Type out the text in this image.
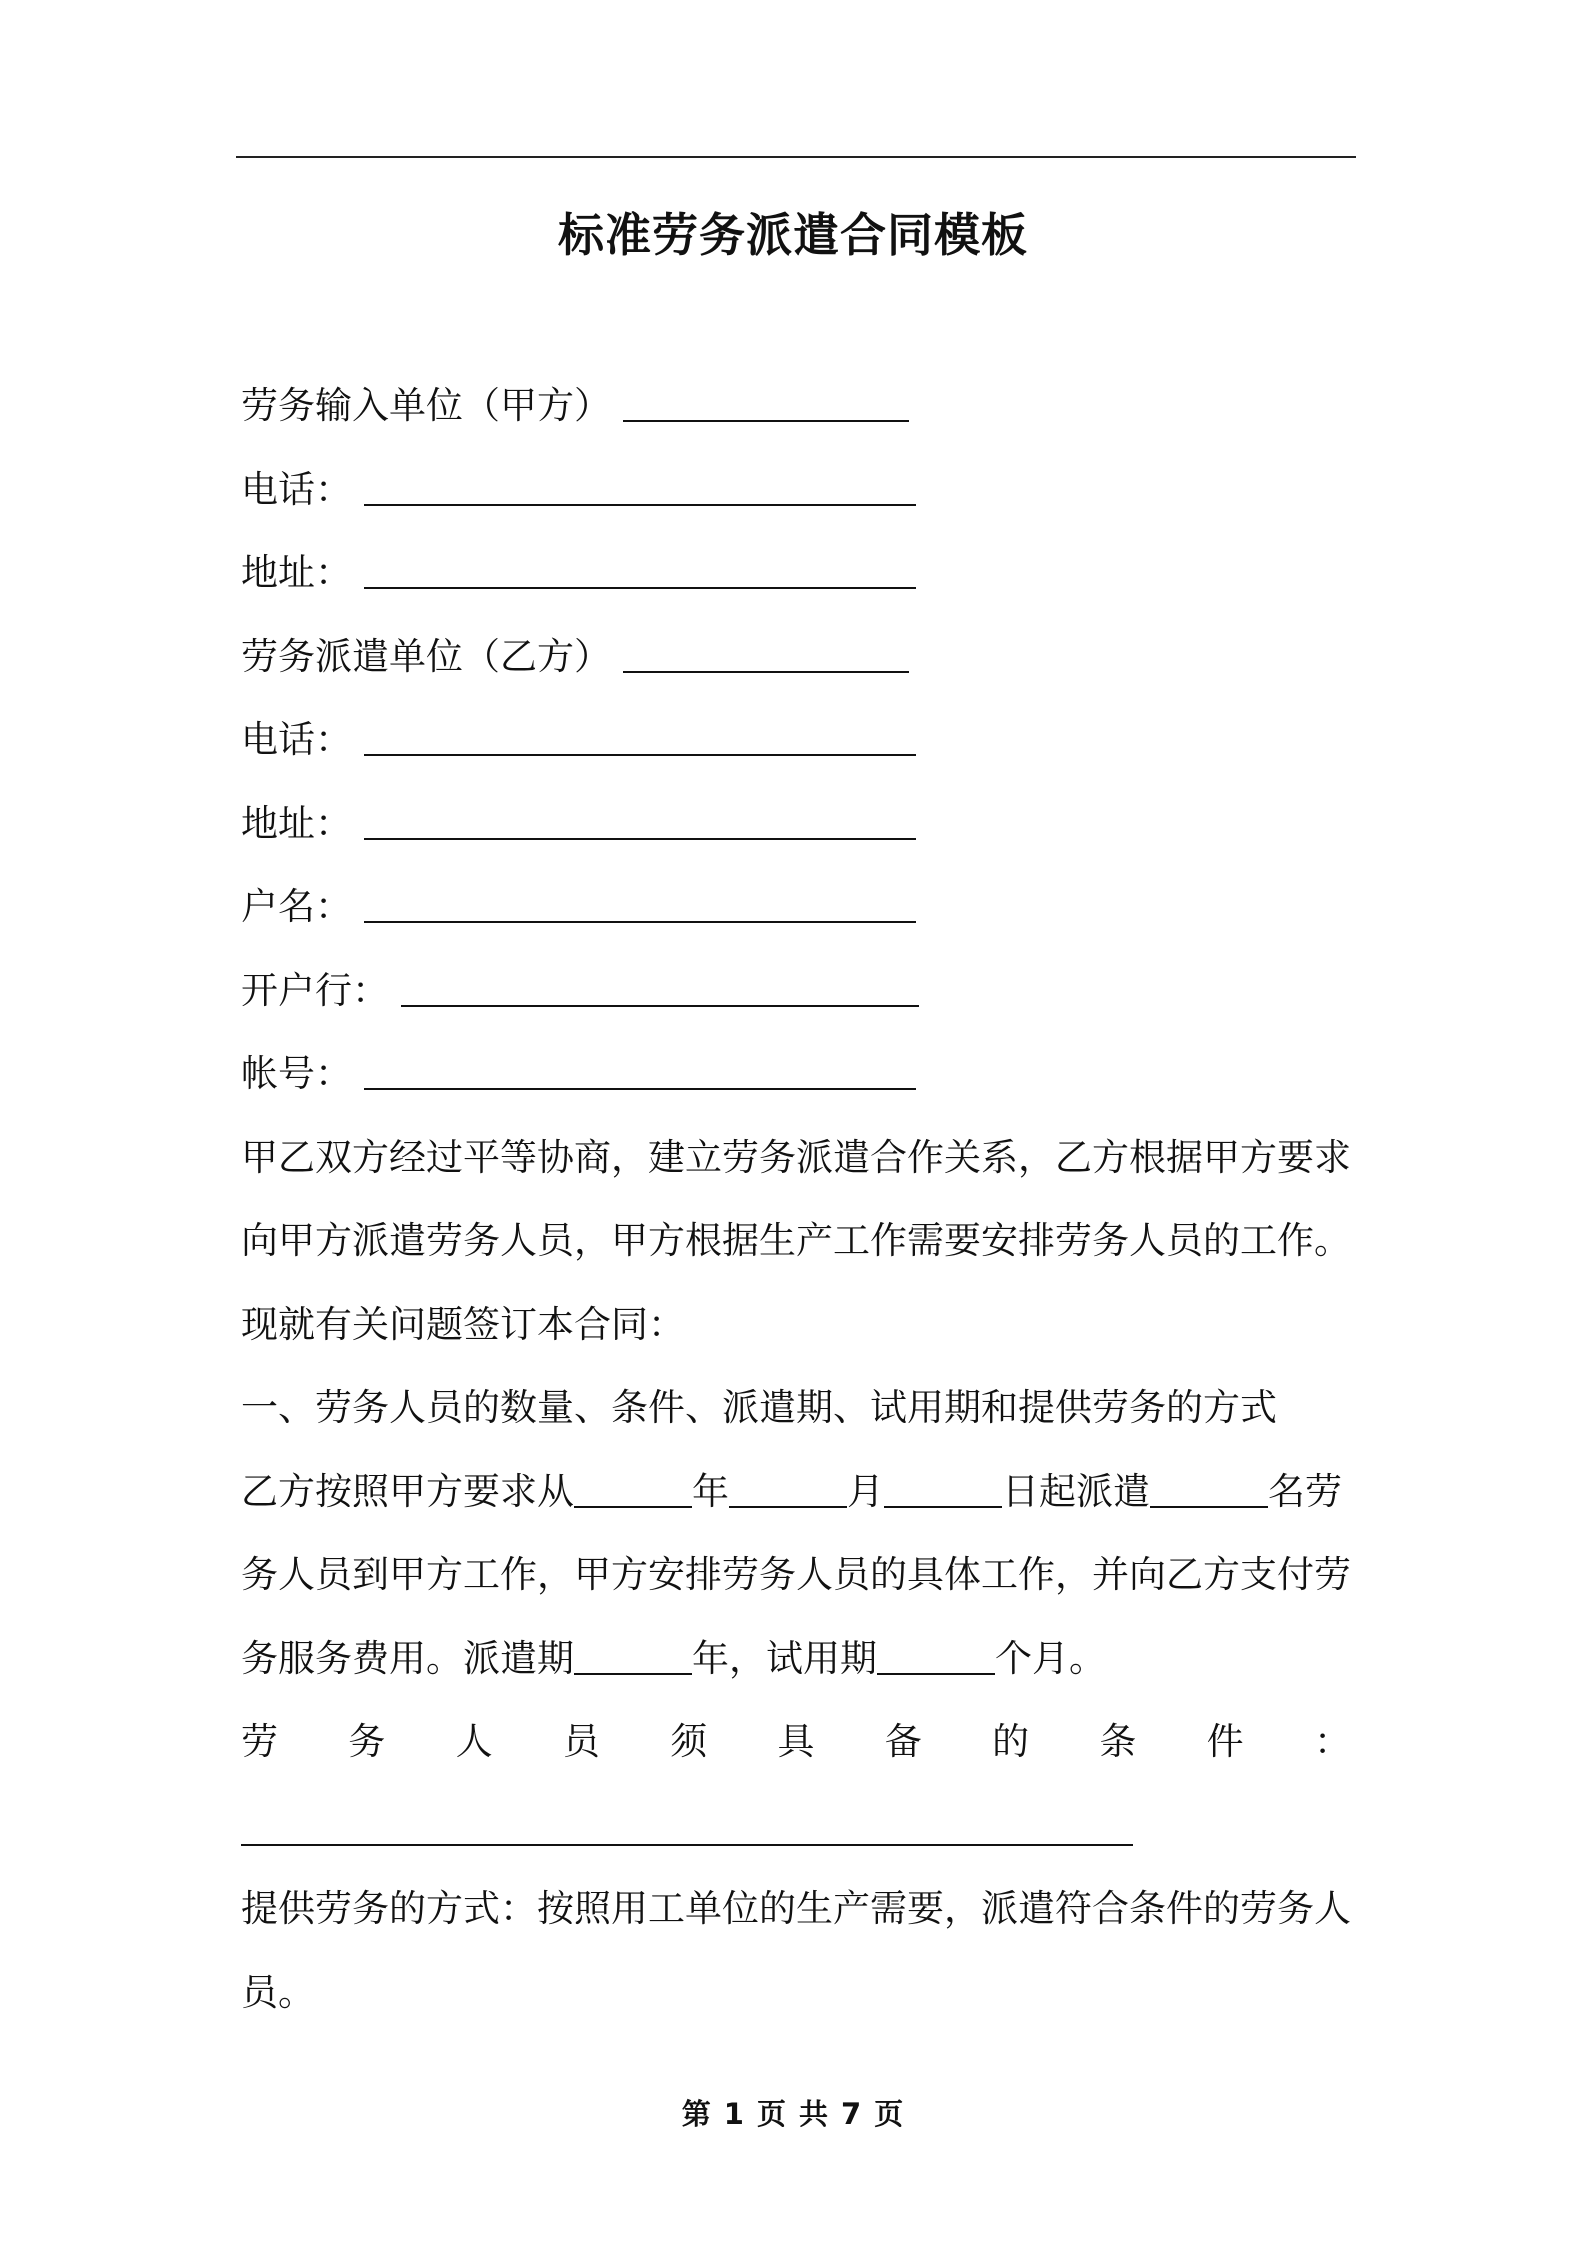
标准劳务派遣合同模板
劳务输入单位（甲方）
电话：
地址：
劳务派遣单位（乙方）
电话：
地址：
户名：
开户行：
帐号：
甲乙双方经过平等协商，建立劳务派遣合作关系，乙方根据甲方要求
向甲方派遣劳务人员，甲方根据生产工作需要安排劳务人员的工作。
现就有关问题签订本合同：
一、劳务人员的数量、条件、派遣期、试用期和提供劳务的方式
乙方按照甲方要求从	年	月	日起派遣	名劳
务人员到甲方工作，甲方安排劳务人员的具体工作，并向乙方支付劳
务服务费用。派遣期	年，试用期	个月。
劳 务 人 员 须 具 备 的 条 件 ：
提供劳务的方式：按照用工单位的生产需要，派遣符合条件的劳务人
员。
第 1 页 共 7 页
